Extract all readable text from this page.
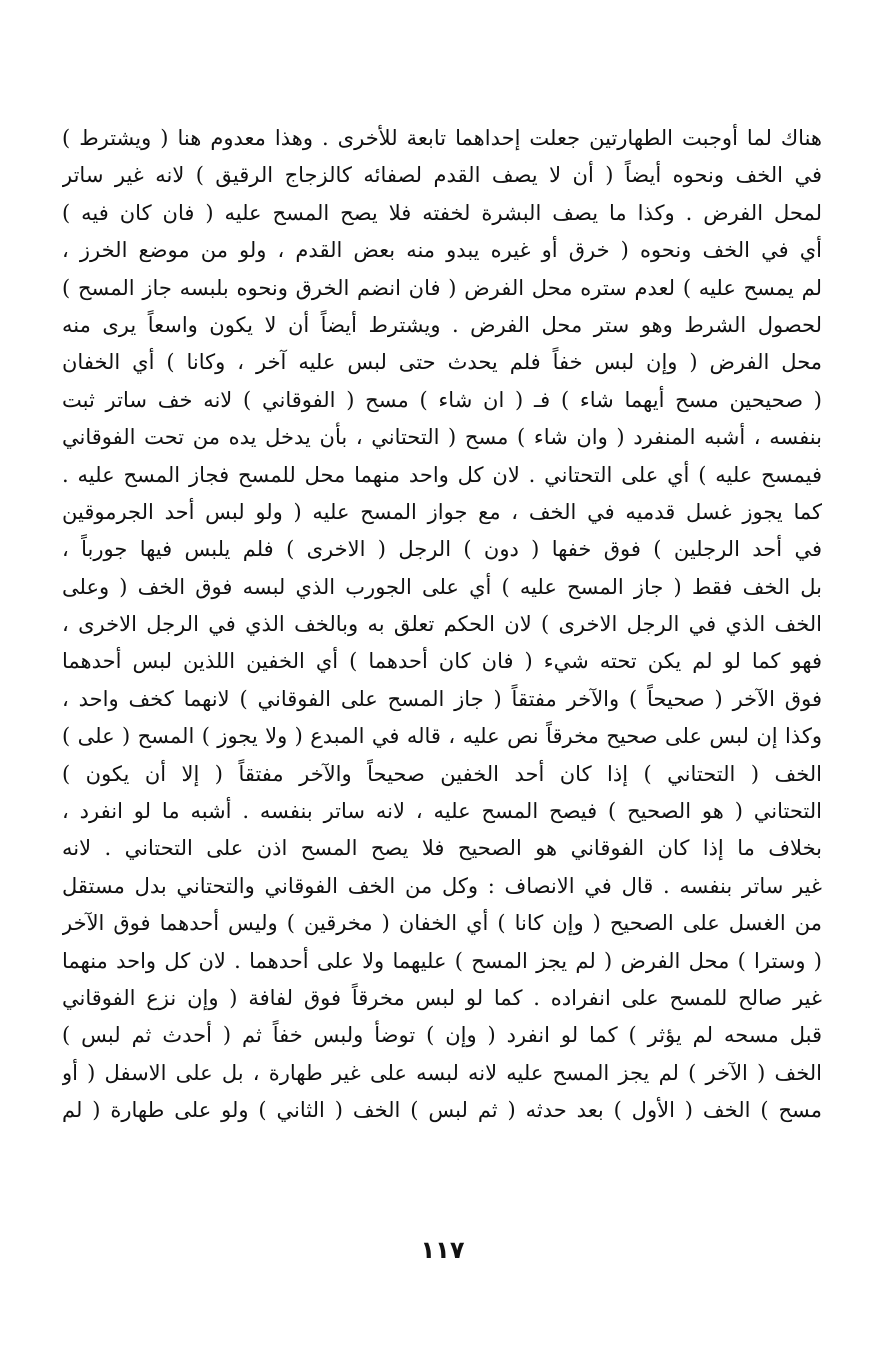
هناك لما أوجبت الطهارتين جعلت إحداهما تابعة للأخرى . وهذا معدوم هنا ( ويشترط )
في الخف ونحوه أيضاً ( أن لا يصف القدم لصفائه كالزجاج الرقيق ) لانه غير ساتر
لمحل الفرض . وكذا ما يصف البشرة لخفته فلا يصح المسح عليه ( فان كان فيه )
أي في الخف ونحوه ( خرق أو غيره يبدو منه بعض القدم ، ولو من موضع الخرز ،
لم يمسح عليه ) لعدم ستره محل الفرض ( فان انضم الخرق ونحوه بلبسه جاز المسح )
لحصول الشرط وهو ستر محل الفرض . ويشترط أيضاً أن لا يكون واسعاً يرى منه
محل الفرض ( وإن لبس خفاً فلم يحدث حتى لبس عليه آخر ، وكانا ) أي الخفان
( صحيحين مسح أيهما شاء ) فـ ( ان شاء ) مسح ( الفوقاني ) لانه خف ساتر ثبت
بنفسه ، أشبه المنفرد ( وان شاء ) مسح ( التحتاني ، بأن يدخل يده من تحت الفوقاني
فيمسح عليه ) أي على التحتاني . لان كل واحد منهما محل للمسح فجاز المسح عليه .
كما يجوز غسل قدميه في الخف ، مع جواز المسح عليه ( ولو لبس أحد الجرموقين
في أحد الرجلين ) فوق خفها ( دون ) الرجل ( الاخرى ) فلم يلبس فيها جورباً ،
بل الخف فقط ( جاز المسح عليه ) أي على الجورب الذي لبسه فوق الخف ( وعلى
الخف الذي في الرجل الاخرى ) لان الحكم تعلق به وبالخف الذي في الرجل الاخرى ،
فهو كما لو لم يكن تحته شيء ( فان كان أحدهما ) أي الخفين اللذين لبس أحدهما
فوق الآخر ( صحيحاً ) والآخر مفتقاً ( جاز المسح على الفوقاني ) لانهما كخف واحد ،
وكذا إن لبس على صحيح مخرقاً نص عليه ، قاله في المبدع ( ولا يجوز ) المسح ( على )
الخف ( التحتاني ) إذا كان أحد الخفين صحيحاً والآخر مفتقاً ( إلا أن يكون )
التحتاني ( هو الصحيح ) فيصح المسح عليه ، لانه ساتر بنفسه . أشبه ما لو انفرد ،
بخلاف ما إذا كان الفوقاني هو الصحيح فلا يصح المسح اذن على التحتاني . لانه
غير ساتر بنفسه . قال في الانصاف : وكل من الخف الفوقاني والتحتاني بدل مستقل
من الغسل على الصحيح ( وإن كانا ) أي الخفان ( مخرقين ) وليس أحدهما فوق الآخر
( وسترا ) محل الفرض ( لم يجز المسح ) عليهما ولا على أحدهما . لان كل واحد منهما
غير صالح للمسح على انفراده . كما لو لبس مخرقاً فوق لفافة ( وإن نزع الفوقاني
قبل مسحه لم يؤثر ) كما لو انفرد ( وإن ) توضأ ولبس خفاً ثم ( أحدث ثم لبس )
الخف ( الآخر ) لم يجز المسح عليه لانه لبسه على غير طهارة ، بل على الاسفل ( أو
مسح ) الخف ( الأول ) بعد حدثه ( ثم لبس ) الخف ( الثاني ) ولو على طهارة ( لم
١١٧
